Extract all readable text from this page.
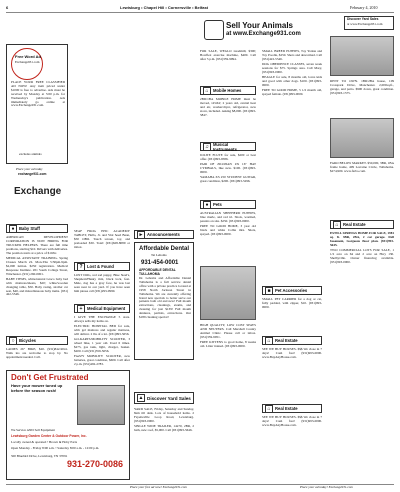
6	Lewisburg • Chapel Hill • Cornersville • Belfast	February 4, 2010
Sell Your Animals
at www.Exchange931.com
Discover Yard Sales
at www.Exchange931.com
Free Word Ad
Exchange931.com
PLACE YOUR FREE CLASSIFIED AD NOW! Any item priced under $1000 is free to advertise. Ads must be received by Monday at 5:00 p.m. for Wednesday's publication. Ads immediately go online at www.Exchange931.com.
excludes animals
Place your ad today
exchange931.com
Exchange
●	Baby Stuff

AMERICAN DEVELOPMENT CORPORATION IS NOW HIRING FOR TRUCKER HELPERS. There are full time positions, starting $10. Drivers with deliveries. The position starts at a price of $10/hr.

MEDICAL ASSISTANT TRAINING. Spring Classes March 22. Mon-Thu 5:30pm-9pm. $2,000 tuition. $250 registration. Medical Response Institute. 201 South College Street, Winchester. (931) 260-0001.

BABY ITEMS, white/natural Graco baby bed with mattress/sheets, $20; white/wooden changing table, $50. Baby swing, stroller car seat, $40, and miscellaneous baby items. (931) 422-5546.

○	Bicycles

LADIES 26" BIKE, $20. (931)842-9041. Walk ins are welcome to stop by. No appointment needed. Call.

Don't Get Frustrated
Have your mower tuned up before the season rush!
We Service AND Sell Equipment
Lewisburg Garden Center & Outdoor Power, Inc.
Locally owned & operated • Brown & Hoby Parts
Open Monday - Friday 8:00 a.m. • Saturday 8:00 a.m. - 12:00 p.m.
500 Bluebird Drive, Lewisburg, TN 37091
931-270-0086

SEAF FROG EPIC ACADEMY TABLET, Hello, Jr. and Vial Seed Bean, $50 OBO. Touch screen, toy, and preloaded $30. Total: (931)628-8089 or inbox.

?	Lost & Found

LOST DOG, red sad puppy, Blue Steel's, Shepherd/Husky mix, black lock, feet. Male, dog has a gray face, he was last seen near in our yard. If you have seen him please call (931)293-0990.

+	Medical Equipment

I GIVE THE EXCHANGE 5 stars. Always sells my items on.

ELECTRIC HOSPITAL BED for sale, with gel mattress and regular mattress, will deliver. 2 lbs of a lot. (931)993-5656.

GO-KARTS/MOBILITY SCOOTER, 3 wheel bike, 1 year old. Used 6 times. $275, gas tank, light, charger, basket. $200. Call (931)359-5656.

FAZZY MOBILITY SCOOTER, new batteries, great condition, $600. Call after 2 p.m. (931)492-2783.

► Announcements
Affordable Dental
Tai Lehoms
931-454-0001
AFFORDABLE DENTAL TULLAHOMA
Dr. Lehoms and Affordable Dental Tullahoma is a full service dental office with a private practice located at 1958 North Jackson Street in Tullahoma. We are currently offering brand new specials to better serve our patients both old and new! Full mouth extractions, cleanings, exams, and cleaning for just $139! Full mouth dentures, partials, extractions. Our $189 cleaning special!
▲ Discover Yard Sales

YARD SALE, Friday, Saturday and Sunday, 8am till dark. Lots of household items. 2 Fayetteville Loop Road, Lewisburg. (931)993-0000.

SINGLE WIDE TRAILER, 14x70, 2BR, 2 bath, new roof, $5,000. Call (931)993-5646.

FOR SALE, WEGLO treadmill, $300; Bowflex exercise machine, $400. Call after 5 p.m. (931)359-9994.

⌂	Mobile Homes

2BD/1BA MOBILE HOME must be moved, 14'x64', 2 years old, central heat and air, washer/dryer, refrigerator, new stove, included. Asking $8,000. (931)993-5847.

♫ Musical Instruments

JOLITE FLUTE for sale, $200 or best offer. (931)993-9586.

PAIR OF ZILDJIAN ZX 16" HAT CYMBALS, like new. $100. (931)993-0000.

YAMAHA XS 250 STUDENT GUITAR, great condition, $200. (931)993-5296.

●	Pets

AUSTRALIAN SHEPHERD PUPPIES, blue merle, and red tri. Shots, wormed, parents on site. $250. (931)993-0000.

PREE TO GOOD HOME, 3 year old black and white Collie mix. Shots, spayed. (931)993-0000.

HIGH QUALITY, LOW COST SPAYS AND NEUTERS. Call Marshall County Animal Clinic. Please call or inbox. (931)359-9951.

FREE KITTENS to good home, 8 weeks old. Litter trained. (931)993-0000.

SMALL BREED PUPPIES, Toy Yorkie and Toy Poodle, $250. Shots and dewormed. Call (931)422-5546.

DOG OBEDIENCE CLASSES, seven week sessions for $75. Springs area. Call Mary, (931)993-0000.

BEAGLE for sale, 8 months old, loves kids and good with other dogs. $100. (931)993-0000.

FREE TO GOOD HOME, 5 1/2 month old, spayed female. (931)993-0000.

■	Pet Accessories

SMALL PET CARRIER for a dog or cat, fully padded, with zipper, $10. (931)993-0000.

⌂	Real Estate

SEE WE BUY HOUSES. $$$ We close in 7 days! Cash fast! (931)993-0000. www.BuyAnyHouse.com.

⌂	Real Estate

SEE WE BUY HOUSES. $$$ We close in 7 days! Cash fast! (931)993-0000. www.BuyAnyHouse.com.

RENT TO OWN. 1BR/2BA house, 109 Crosspark Drive, Manchester. 2,000sq.ft., garage, and patio. $900 down, great condition. (931)993-1575.

FARO BELOW MARKET. $50,000, 3BR, 1BA frame home, 409 Lorraine Circle, Tullahoma. $274,900. www.fsrbo.com.

⌂	Real Estate

ESTILL SPRINGS HOME FOR SALE, 1981 sq. ft. 3BR, 2BA, 2 car garage. Full basement, Gorgeous floor plan. (931)993-5645.

TWO COMMERCIAL LOTS FOR SALE, 1 1/2 acre on 64 and 2 acre on Hwy 130. Shelbyville. Owner financing available. (931)993-0000.

Place your free ad now! Exchange931.com	Place your ad today! Exchange931.com
